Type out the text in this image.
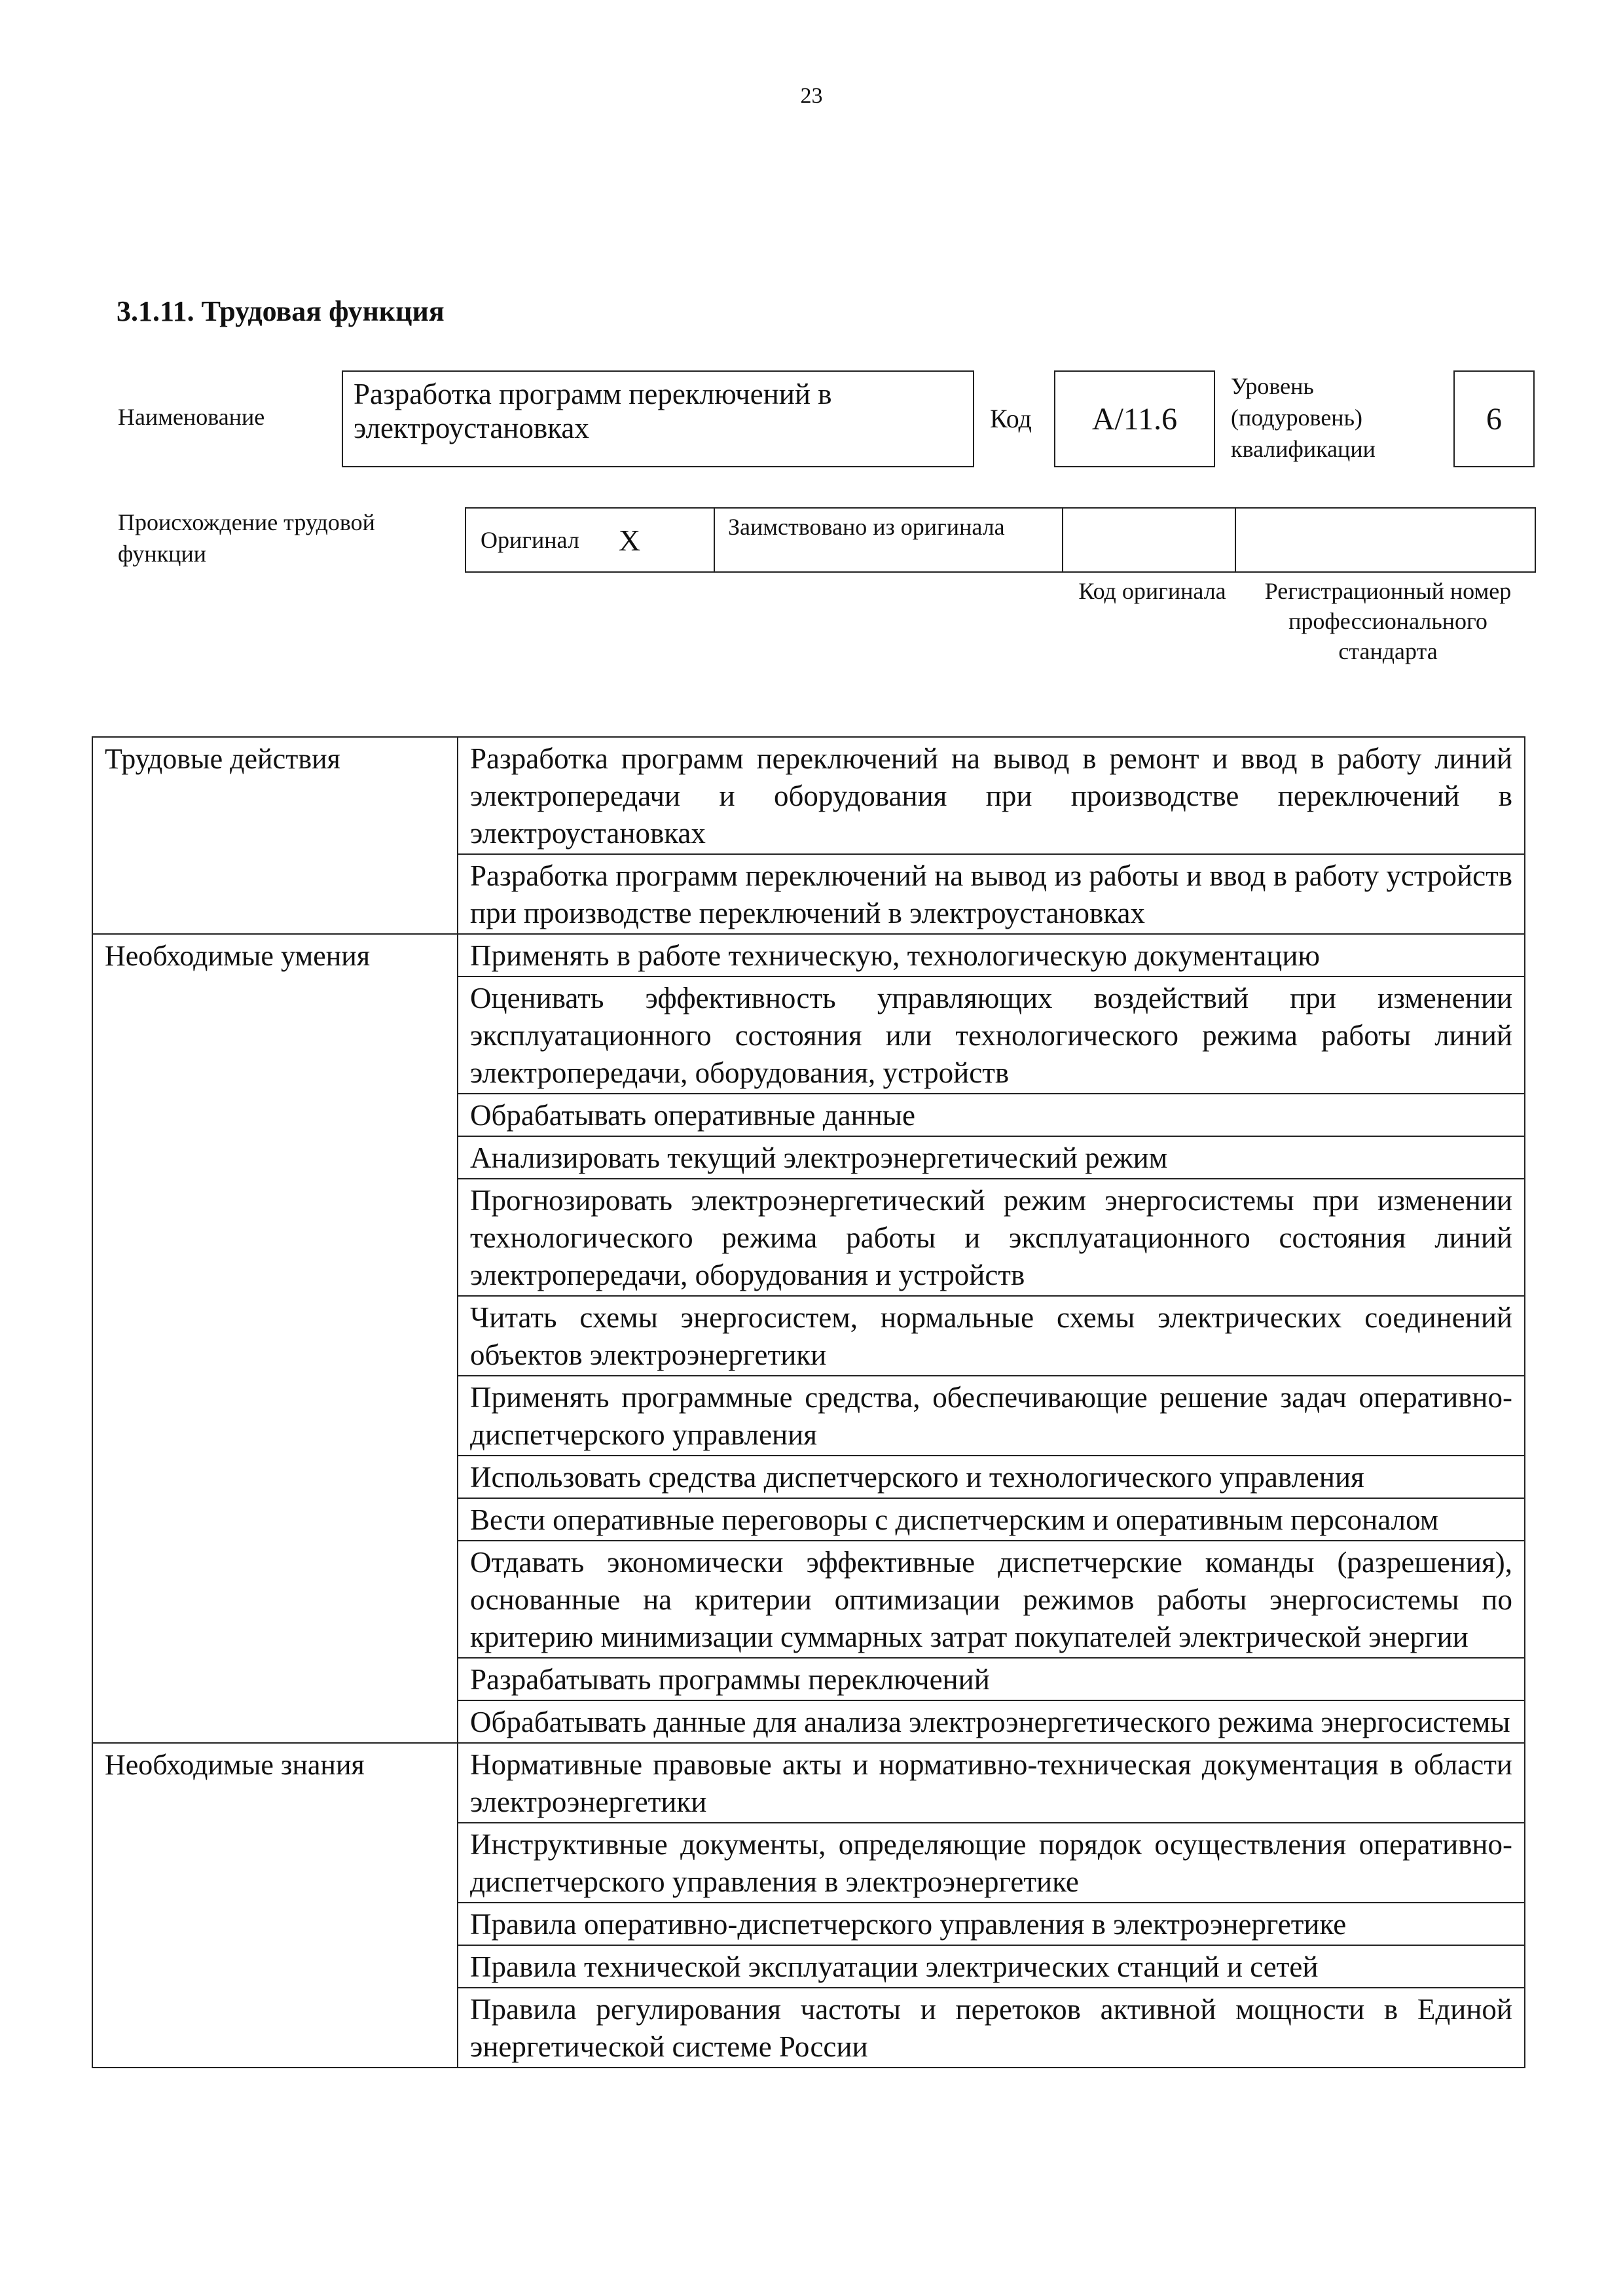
23
3.1.11. Трудовая функция
Наименование
Разработка программ переключений в электроустановках	Код	А/11.6
Уровень (подуровень) квалификации
6
Происхождение трудовой функции
Оригинал X	Заимствовано из оригинала
Код оригинала	Регистрационный номер профессионального стандарта
Трудовые действия	Разработка программ переключений на вывод в ремонт и ввод в работу линий электропередачи и оборудования при производстве переключений в электроустановках
	Разработка программ переключений на вывод из работы и ввод в работу устройств при производстве переключений в электроустановках
Необходимые умения	Применять в работе техническую, технологическую документацию
	Оценивать эффективность управляющих воздействий при изменении эксплуатационного состояния или технологического режима работы линий электропередачи, оборудования, устройств
	Обрабатывать оперативные данные
	Анализировать текущий электроэнергетический режим
	Прогнозировать электроэнергетический режим энергосистемы при изменении технологического режима работы и эксплуатационного состояния линий электропередачи, оборудования и устройств
	Читать схемы энергосистем, нормальные схемы электрических соединений объектов электроэнергетики
	Применять программные средства, обеспечивающие решение задач оперативно-диспетчерского управления
	Использовать средства диспетчерского и технологического управления
	Вести оперативные переговоры с диспетчерским и оперативным персоналом
	Отдавать экономически эффективные диспетчерские команды (разрешения), основанные на критерии оптимизации режимов работы энергосистемы по критерию минимизации суммарных затрат покупателей электрической энергии
	Разрабатывать программы переключений
	Обрабатывать данные для анализа электроэнергетического режима энергосистемы
Необходимые знания	Нормативные правовые акты и нормативно-техническая документация в области электроэнергетики
	Инструктивные документы, определяющие порядок осуществления оперативно-диспетчерского управления в электроэнергетике
	Правила оперативно-диспетчерского управления в электроэнергетике
	Правила технической эксплуатации электрических станций и сетей
	Правила регулирования частоты и перетоков активной мощности в Единой энергетической системе России
